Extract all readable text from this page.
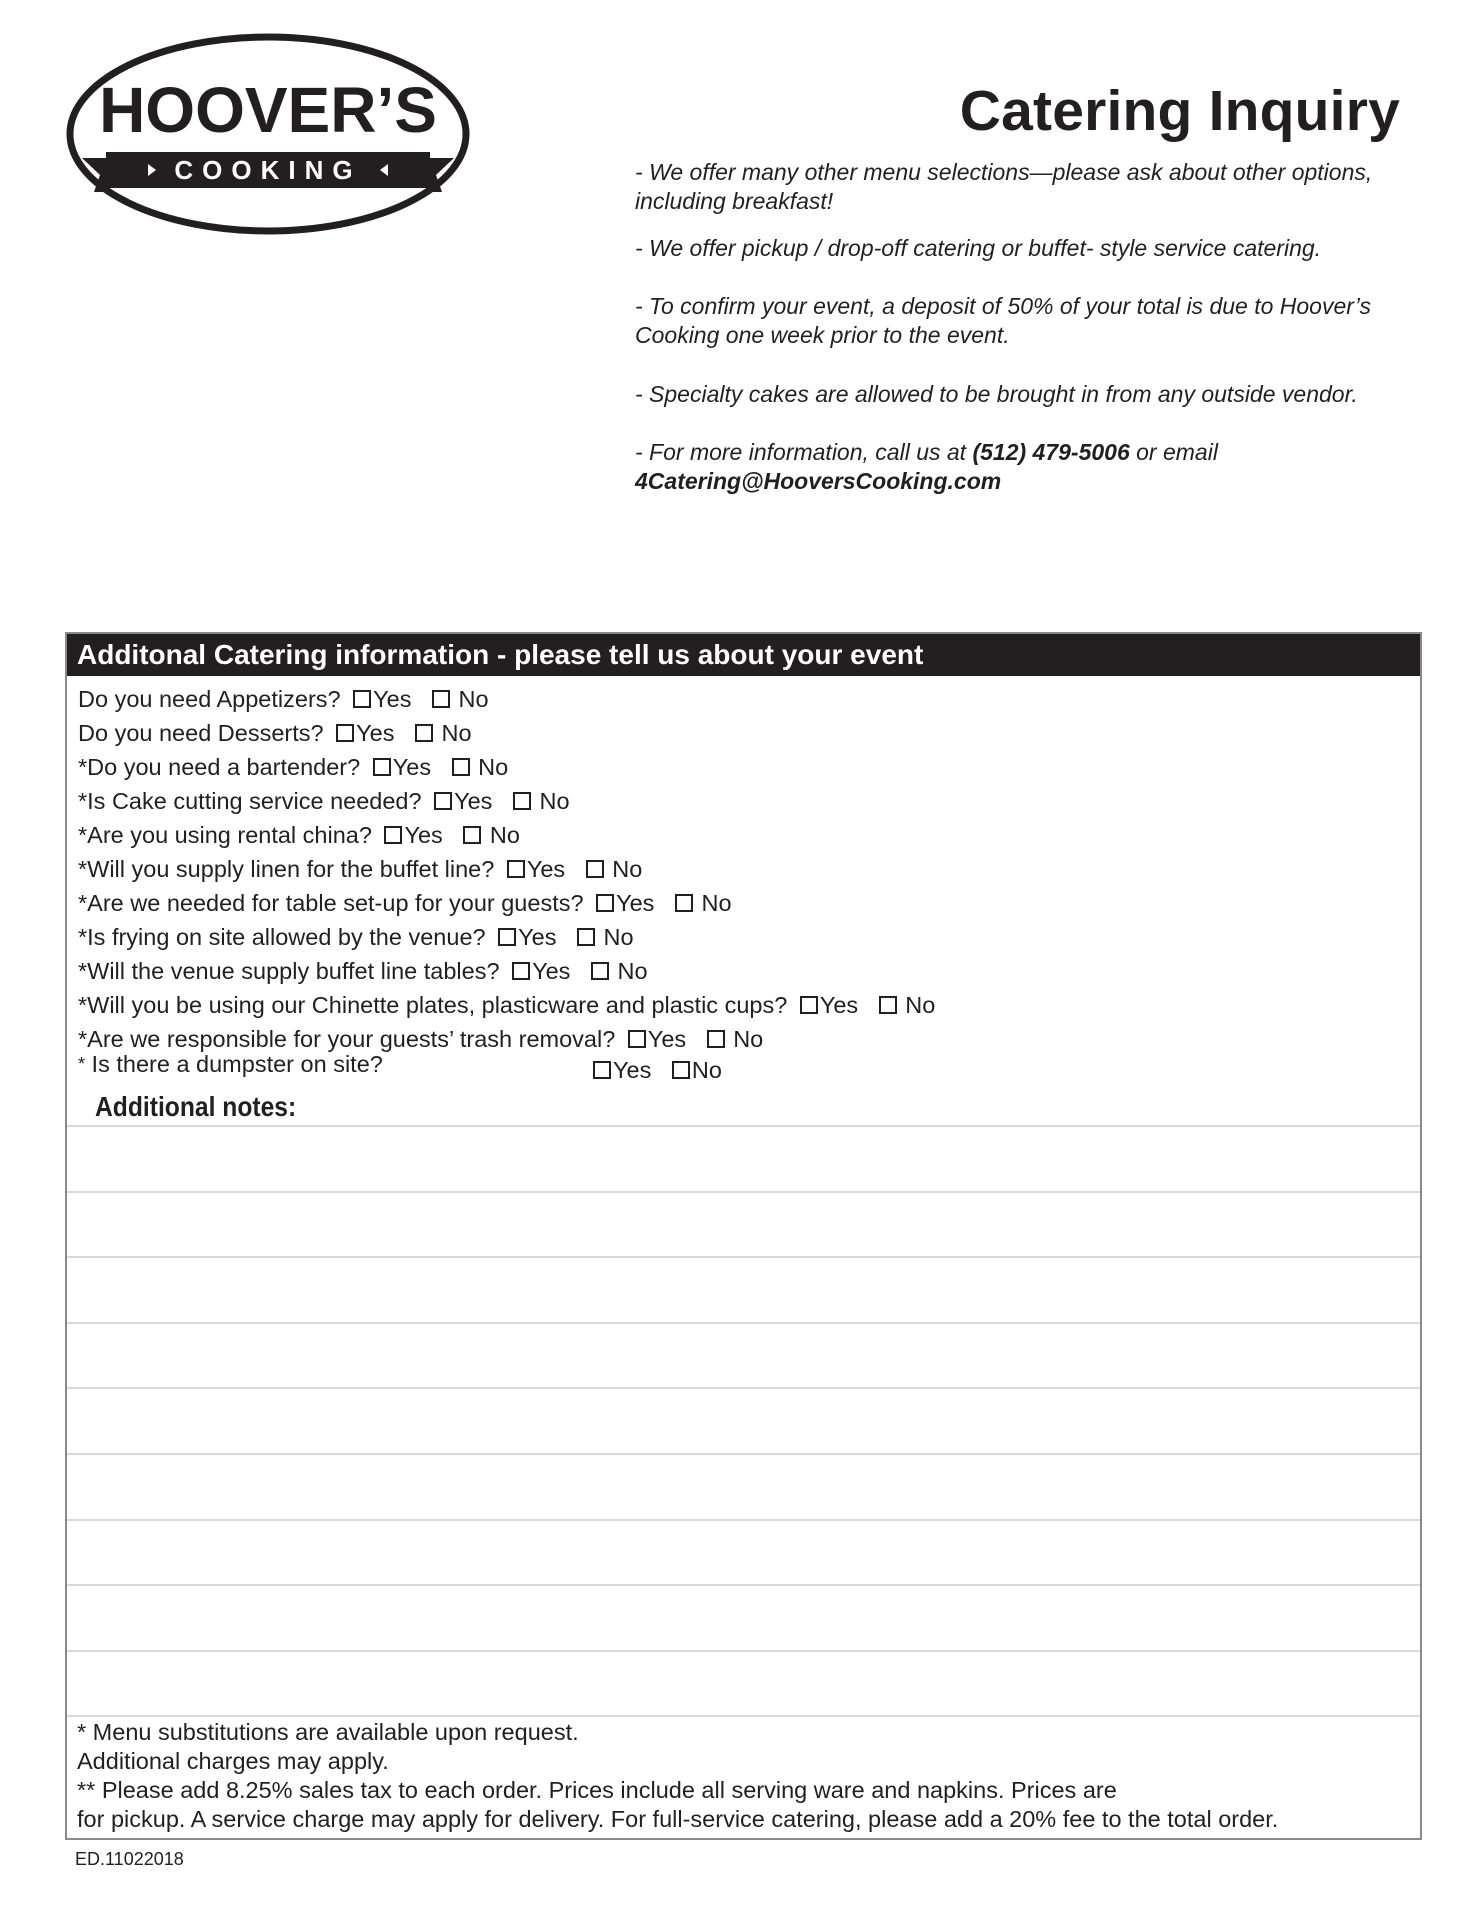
HOOVER’S
COOKING
Catering Inquiry

- We offer many other menu selections—please ask about other options, including breakfast!

- We offer pickup / drop-off catering or buffet- style service catering.

- To confirm your event, a deposit of 50% of your total is due to Hoover’s Cooking one week prior to the event.

- Specialty cakes are allowed to be brought in from any outside vendor.

- For more information, call us at (512) 479-5006 or email
4Catering@HooversCooking.com

Additonal Catering information - please tell us about your event
Do you need Appetizers? Yes No
Do you need Desserts? Yes No
*Do you need a bartender? Yes No
*Is Cake cutting service needed? Yes No
*Are you using rental china? Yes No
*Will you supply linen for the buffet line? Yes No
*Are we needed for table set-up for your guests? Yes No
*Is frying on site allowed by the venue? Yes No
*Will the venue supply buffet line tables? Yes No
*Will you be using our Chinette plates, plasticware and plastic cups? Yes No
*Are we responsible for your guests’ trash removal? Yes No
* Is there a dumpster on site?	Yes No
Additional notes:

* Menu substitutions are available upon request.

Additional charges may apply.

** Please add 8.25% sales tax to each order. Prices include all serving ware and napkins. Prices are

for pickup. A service charge may apply for delivery. For full-service catering, please add a 20% fee to the total order.

ED.11022018
